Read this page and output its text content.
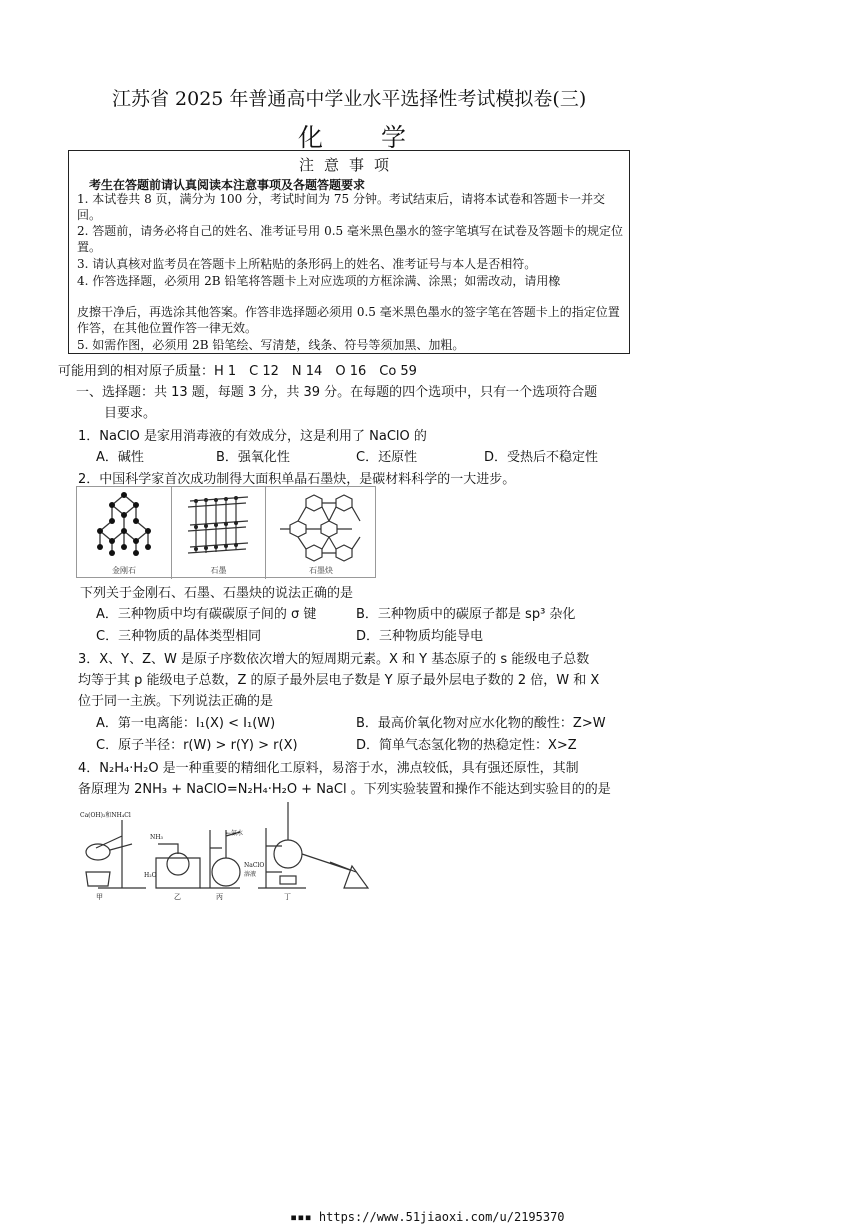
江苏省 2025 年普通高中学业水平选择性考试模拟卷(三)
化学
注意事项
考生在答题前请认真阅读本注意事项及各题答题要求
1. 本试卷共 8 页，满分为 100 分，考试时间为 75 分钟。考试结束后，请将本试卷和答题卡一并交回。
2. 答题前，请务必将自己的姓名、准考证号用 0.5 毫米黑色墨水的签字笔填写在试卷及答题卡的规定位置。
3. 请认真核对监考员在答题卡上所粘贴的条形码上的姓名、准考证号与本人是否相符。
4. 作答选择题，必须用 2B 铅笔将答题卡上对应选项的方框涂满、涂黑；如需改动，请用橡
皮擦干净后，再选涂其他答案。作答非选择题必须用 0.5 毫米黑色墨水的签字笔在答题卡上的指定位置作答，在其他位置作答一律无效。
5. 如需作图，必须用 2B 铅笔绘、写清楚，线条、符号等须加黑、加粗。
可能用到的相对原子质量：H 1　C 12　N 14　O 16　Co 59
一、选择题：共 13 题，每题 3 分，共 39 分。在每题的四个选项中，只有一个选项符合题
目要求。
1．NaClO 是家用消毒液的有效成分，这是利用了 NaClO 的
A．碱性	B．强氧化性	C．还原性	D．受热后不稳定性
2．中国科学家首次成功制得大面积单晶石墨炔，是碳材料科学的一大进步。
金刚石	石墨	石墨炔
下列关于金刚石、石墨、石墨炔的说法正确的是
A．三种物质中均有碳碳原子间的 σ 键	B．三种物质中的碳原子都是 sp³ 杂化
C．三种物质的晶体类型相同	D．三种物质均能导电
3．X、Y、Z、W 是原子序数依次增大的短周期元素。X 和 Y 基态原子的 s 能级电子总数
均等于其 p 能级电子总数，Z 的原子最外层电子数是 Y 原子最外层电子数的 2 倍，W 和 X
位于同一主族。下列说法正确的是
A．第一电离能：I₁(X) < I₁(W)	B．最高价氧化物对应水化物的酸性：Z>W
C．原子半径：r(W) > r(Y) > r(X)	D．简单气态氢化物的热稳定性：X>Z
4．N₂H₄·H₂O 是一种重要的精细化工原料，易溶于水，沸点较低，具有强还原性，其制
备原理为 2NH₃ + NaClO=N₂H₄·H₂O + NaCl 。下列实验装置和操作不能达到实验目的的是
Ca(OH)₂和NH₄Cl
NH₃
H₂O
←氨水
NaClO溶液
甲	乙	丙	丁
▪▪▪ https://www.51jiaoxi.com/u/2195370
